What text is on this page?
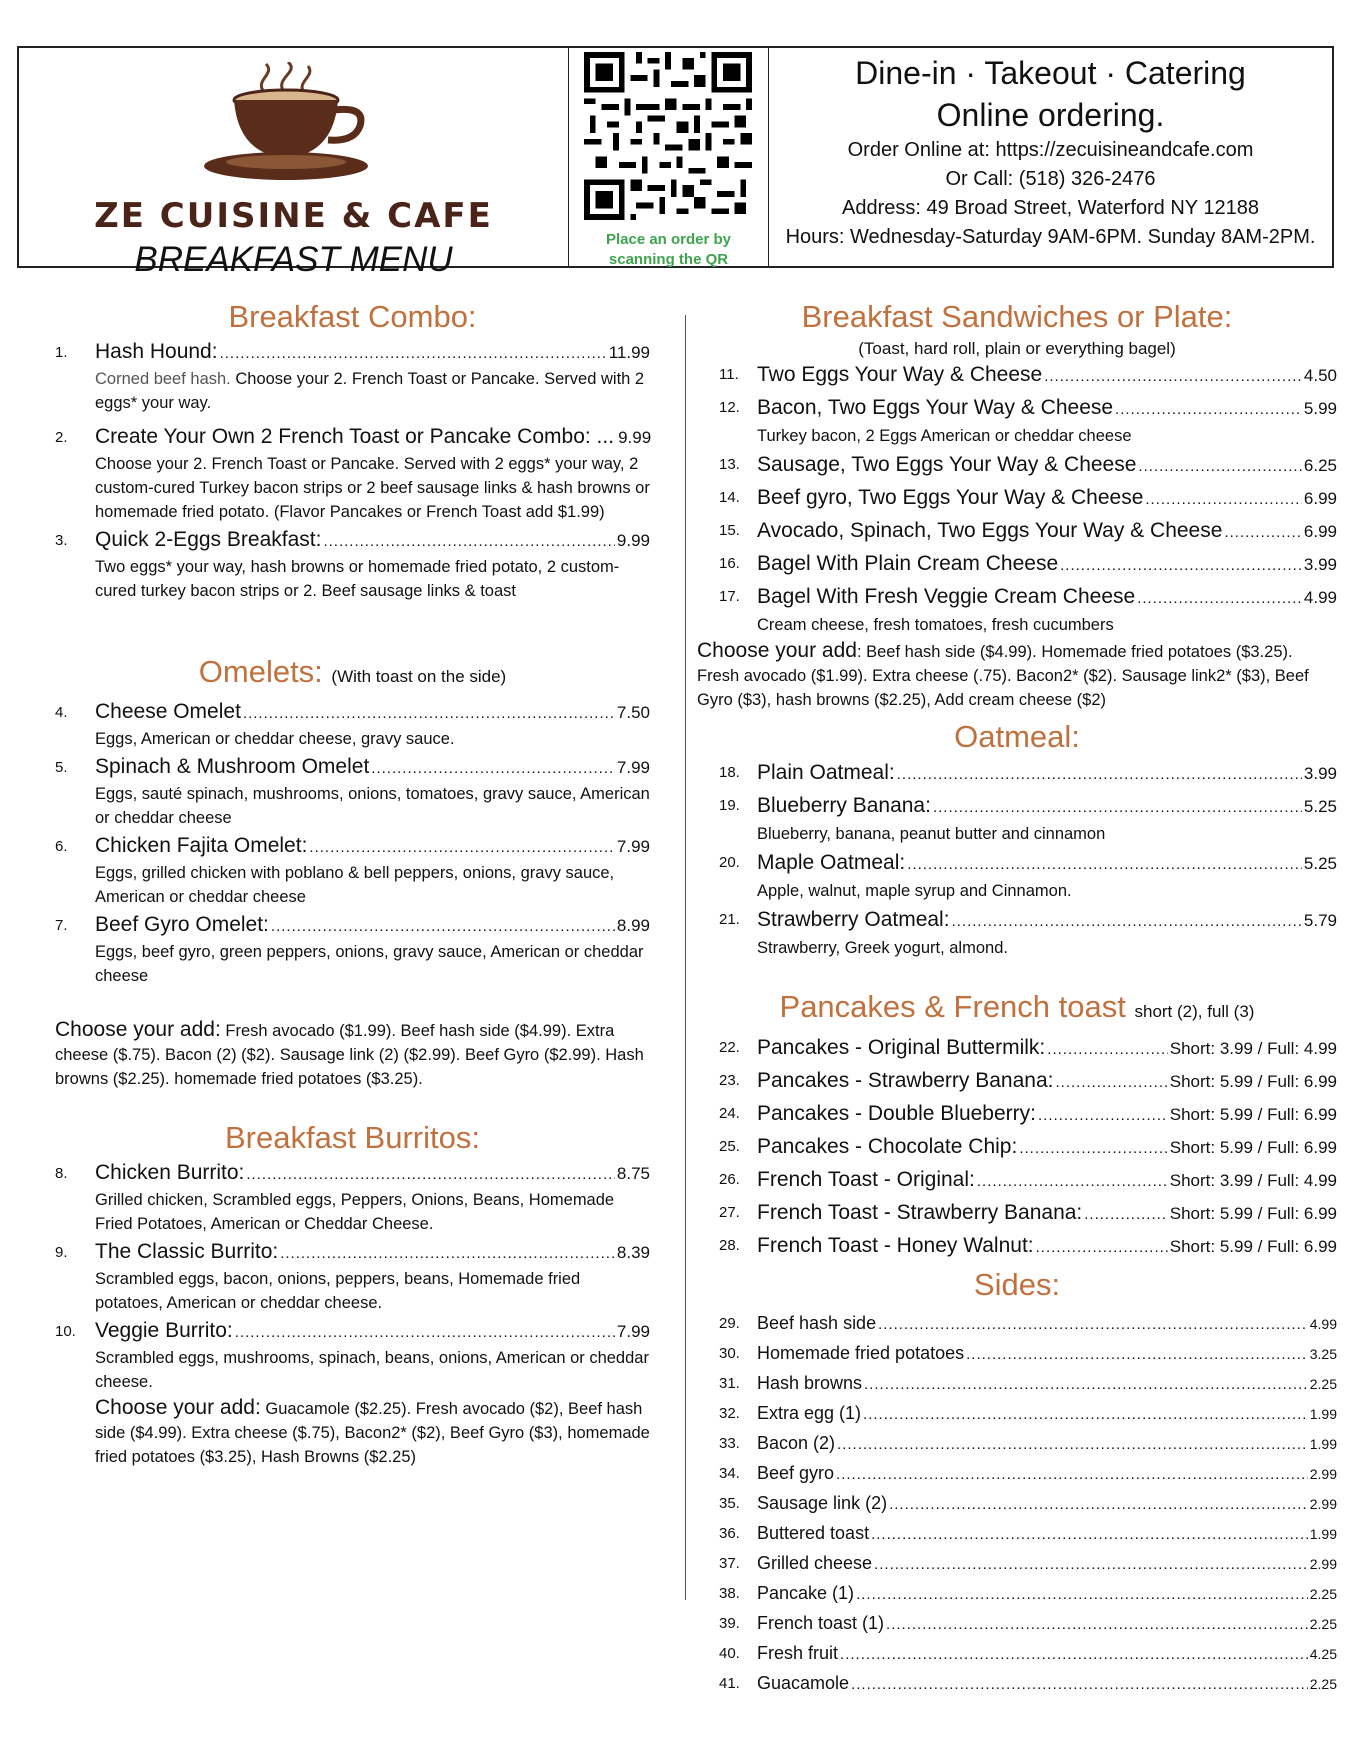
ZE CUISINE & CAFE
BREAKFAST MENU
Place an order by
scanning the QR
Dine-in · Takeout · Catering
Online ordering.
Order Online at: https://zecuisineandcafe.com
Or Call: (518) 326-2476
Address: 49 Broad Street, Waterford NY 12188
Hours: Wednesday-Saturday 9AM-6PM. Sunday 8AM-2PM.
Breakfast Combo:
1.	Hash Hound: .....	11.99
Corned beef hash. Choose your 2. French Toast or Pancake. Served with 2 eggs* your way.
2.	Create Your Own 2 French Toast or Pancake Combo: ... 9.99
Choose your 2. French Toast or Pancake. Served with 2 eggs* your way, 2 custom-cured Turkey bacon strips or 2 beef sausage links & hash browns or homemade fried potato. (Flavor Pancakes or French Toast add $1.99)
3.	Quick 2-Eggs Breakfast: .....	9.99
Two eggs* your way, hash browns or homemade fried potato, 2 custom-cured turkey bacon strips or 2. Beef sausage links & toast
Omelets: (With toast on the side)
4.	Cheese Omelet .....	7.50
Eggs, American or cheddar cheese, gravy sauce.
5.	Spinach & Mushroom Omelet .....	7.99
Eggs, sauté spinach, mushrooms, onions, tomatoes, gravy sauce, American or cheddar cheese
6.	Chicken Fajita Omelet: .....	7.99
Eggs, grilled chicken with poblano & bell peppers, onions, gravy sauce, American or cheddar cheese
7.	Beef Gyro Omelet: .....	8.99
Eggs, beef gyro, green peppers, onions, gravy sauce, American or cheddar cheese
Choose your add: Fresh avocado ($1.99). Beef hash side ($4.99). Extra cheese ($.75). Bacon (2) ($2). Sausage link (2) ($2.99). Beef Gyro ($2.99). Hash browns ($2.25). homemade fried potatoes ($3.25).
Breakfast Burritos:
8.	Chicken Burrito: .....	8.75
Grilled chicken, Scrambled eggs, Peppers, Onions, Beans, Homemade Fried Potatoes, American or Cheddar Cheese.
9.	The Classic Burrito: .....	8.39
Scrambled eggs, bacon, onions, peppers, beans, Homemade fried potatoes, American or cheddar cheese.
10. Veggie Burrito: .....	7.99
Scrambled eggs, mushrooms, spinach, beans, onions, American or cheddar cheese.
Choose your add: Guacamole ($2.25). Fresh avocado ($2), Beef hash side ($4.99). Extra cheese ($.75), Bacon2* ($2), Beef Gyro ($3), homemade fried potatoes ($3.25), Hash Browns ($2.25)
Breakfast Sandwiches or Plate:
(Toast, hard roll, plain or everything bagel)
11. Two Eggs Your Way & Cheese .....	4.50
12. Bacon, Two Eggs Your Way & Cheese .....	5.99
Turkey bacon, 2 Eggs American or cheddar cheese
13. Sausage, Two Eggs Your Way & Cheese .....	6.25
14. Beef gyro, Two Eggs Your Way & Cheese .....	6.99
15. Avocado, Spinach, Two Eggs Your Way & Cheese .....	6.99
16. Bagel With Plain Cream Cheese .....	3.99
17. Bagel With Fresh Veggie Cream Cheese .....	4.99
Cream cheese, fresh tomatoes, fresh cucumbers
Choose your add: Beef hash side ($4.99). Homemade fried potatoes ($3.25). Fresh avocado ($1.99). Extra cheese (.75). Bacon2* ($2). Sausage link2* ($3), Beef Gyro ($3), hash browns ($2.25), Add cream cheese ($2)
Oatmeal:
18. Plain Oatmeal: .....	3.99
19. Blueberry Banana: .....	5.25
Blueberry, banana, peanut butter and cinnamon
20. Maple Oatmeal: .....	5.25
Apple, walnut, maple syrup and Cinnamon.
21. Strawberry Oatmeal: .....	5.79
Strawberry, Greek yogurt, almond.
Pancakes & French toast short (2), full (3)
22. Pancakes - Original Buttermilk: .....	Short: 3.99 / Full: 4.99
23. Pancakes - Strawberry Banana: .....	Short: 5.99 / Full: 6.99
24. Pancakes - Double Blueberry: .....	Short: 5.99 / Full: 6.99
25. Pancakes - Chocolate Chip: .....	Short: 5.99 / Full: 6.99
26. French Toast - Original: .....	Short: 3.99 / Full: 4.99
27. French Toast - Strawberry Banana: .....	Short: 5.99 / Full: 6.99
28. French Toast - Honey Walnut: .....	Short: 5.99 / Full: 6.99
Sides:
29. Beef hash side .....	4.99
30. Homemade fried potatoes .....	3.25
31. Hash browns .....	2.25
32. Extra egg (1) .....	1.99
33. Bacon (2) .....	1.99
34. Beef gyro .....	2.99
35. Sausage link (2) .....	2.99
36. Buttered toast .....	1.99
37. Grilled cheese .....	2.99
38. Pancake (1) .....	2.25
39. French toast (1) .....	2.25
40. Fresh fruit .....	4.25
41. Guacamole .....	2.25
